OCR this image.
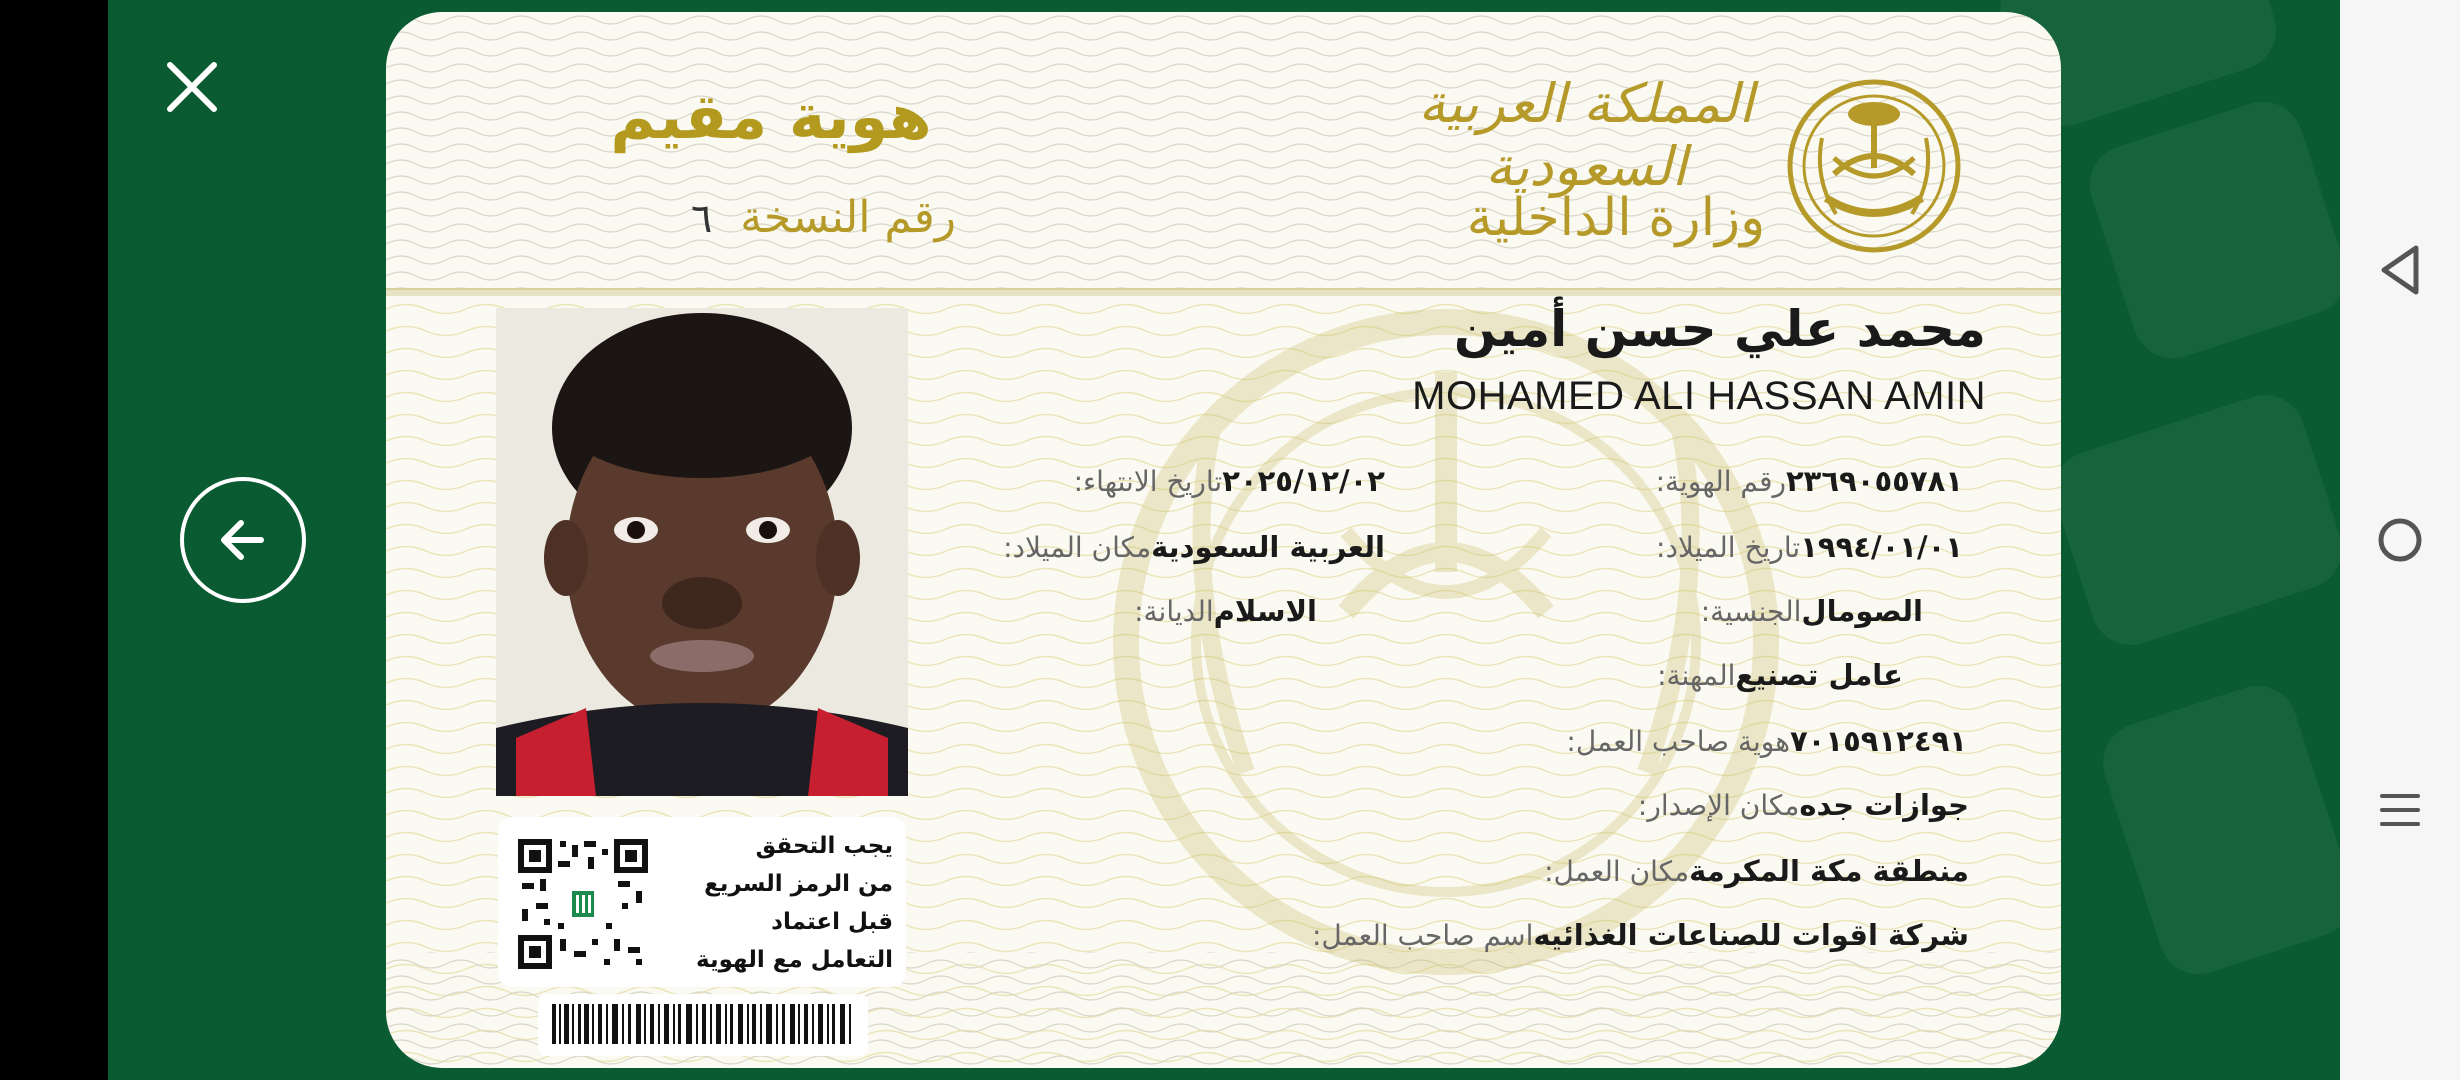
هوية مقيم
رقم النسخة
٦
المملكة العربية السعودية
وزارة الداخلية
يجب التحقق
من الرمز السريع
قبل اعتماد
التعامل مع الهوية
محمد علي حسن أمين
MOHAMED ALI HASSAN AMIN
رقم الهوية: ٢٣٦٩٠٥٥٧٨١
تاريخ الميلاد: ١٩٩٤/٠١/٠١
الجنسية: الصومال
المهنة: عامل تصنيع
هوية صاحب العمل: ٧٠١٥٩١٢٤٩١
مكان الإصدار: جوازات جده
مكان العمل: منطقة مكة المكرمة
اسم صاحب العمل: شركة اقوات للصناعات الغذائيه
تاريخ الانتهاء: ٢٠٢٥/١٢/٠٢
مكان الميلاد: العربية السعودية
الديانة: الاسلام
